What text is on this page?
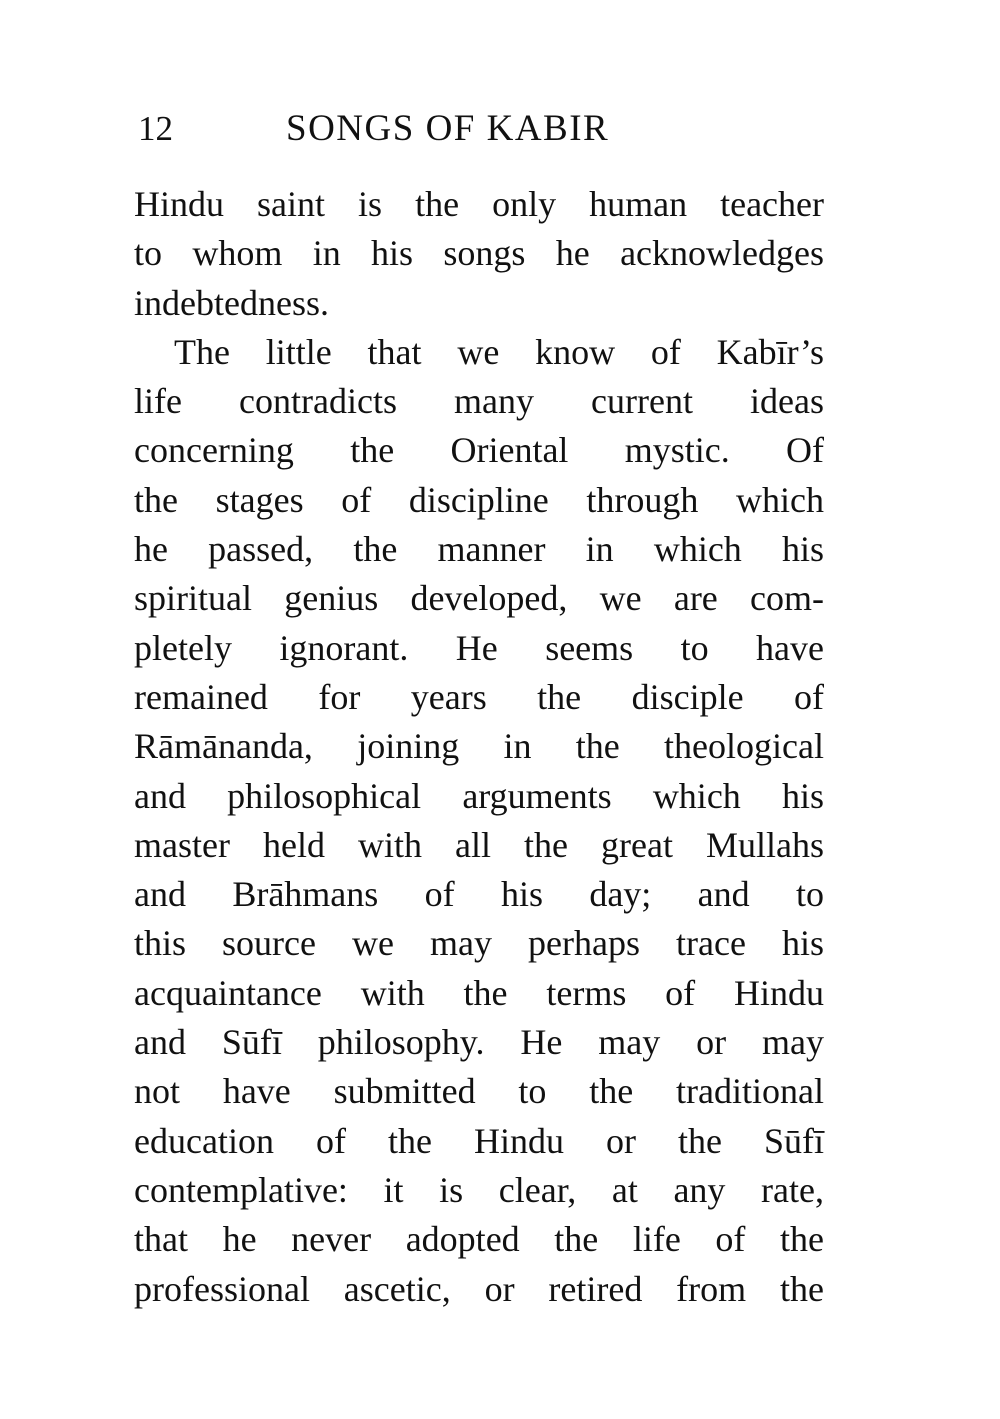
12	SONGS OF KABIR
Hindu saint is the only human teacher
to whom in his songs he acknowledges
indebtedness.
The little that we know of Kabīr’s
life contradicts many current ideas
concerning the Oriental mystic. Of
the stages of discipline through which
he passed, the manner in which his
spiritual genius developed, we are com-
pletely ignorant. He seems to have
remained for years the disciple of
Rāmānanda, joining in the theological
and philosophical arguments which his
master held with all the great Mullahs
and Brāhmans of his day; and to
this source we may perhaps trace his
acquaintance with the terms of Hindu
and Sūfī philosophy. He may or may
not have submitted to the traditional
education of the Hindu or the Sūfī
contemplative: it is clear, at any rate,
that he never adopted the life of the
professional ascetic, or retired from the
